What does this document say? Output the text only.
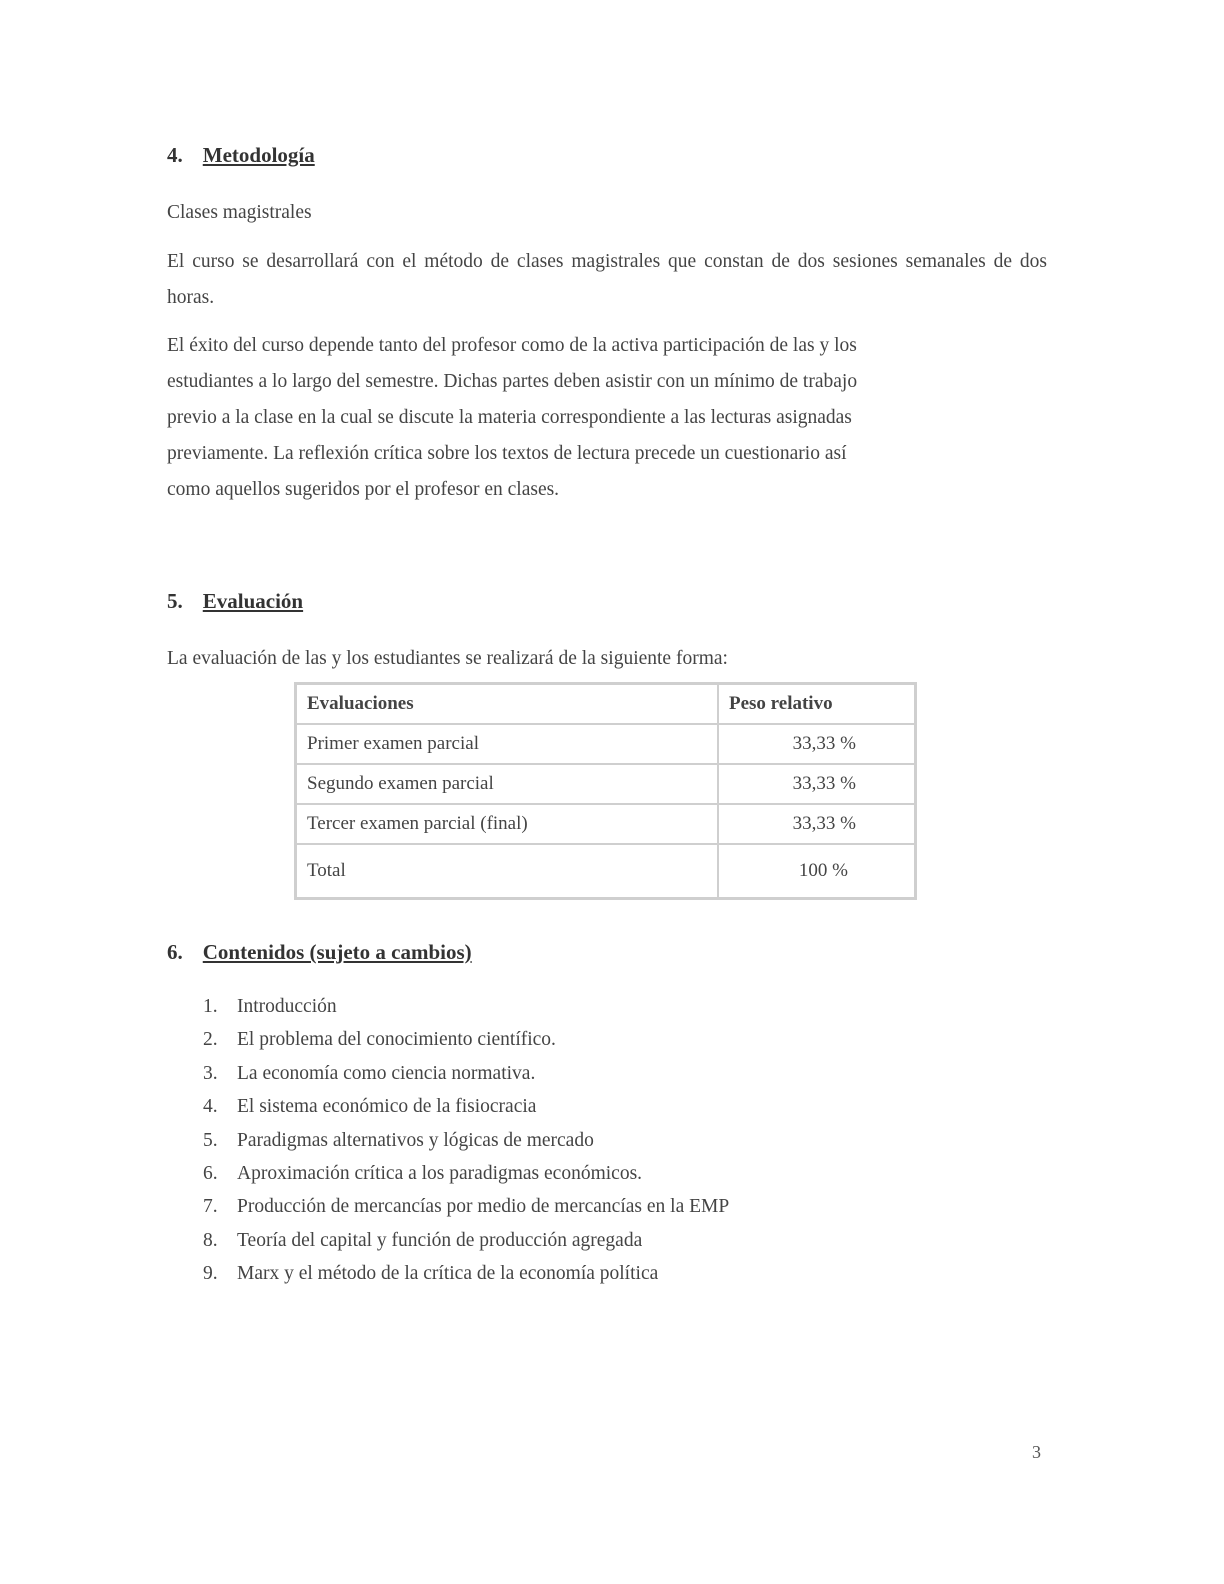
4. Metodología
Clases magistrales
El curso se desarrollará con el método de clases magistrales que constan de dos sesiones semanales de dos horas.
El éxito del curso depende tanto del profesor como de la activa participación de las y los
estudiantes a lo largo del semestre. Dichas partes deben asistir con un mínimo de trabajo
previo a la clase en la cual se discute la materia correspondiente a las lecturas asignadas
previamente. La reflexión crítica sobre los textos de lectura precede un cuestionario así
como aquellos sugeridos por el profesor en clases.
5. Evaluación
La evaluación de las y los estudiantes se realizará de la siguiente forma:
Evaluaciones	Peso relativo
Primer examen parcial	33,33 %
Segundo examen parcial	33,33 %
Tercer examen parcial (final)	33,33 %
Total	100 %
6. Contenidos (sujeto a cambios)
1. Introducción
2. El problema del conocimiento científico.
3. La economía como ciencia normativa.
4. El sistema económico de la fisiocracia
5. Paradigmas alternativos y lógicas de mercado
6. Aproximación crítica a los paradigmas económicos.
7. Producción de mercancías por medio de mercancías en la EMP
8. Teoría del capital y función de producción agregada
9. Marx y el método de la crítica de la economía política
3
